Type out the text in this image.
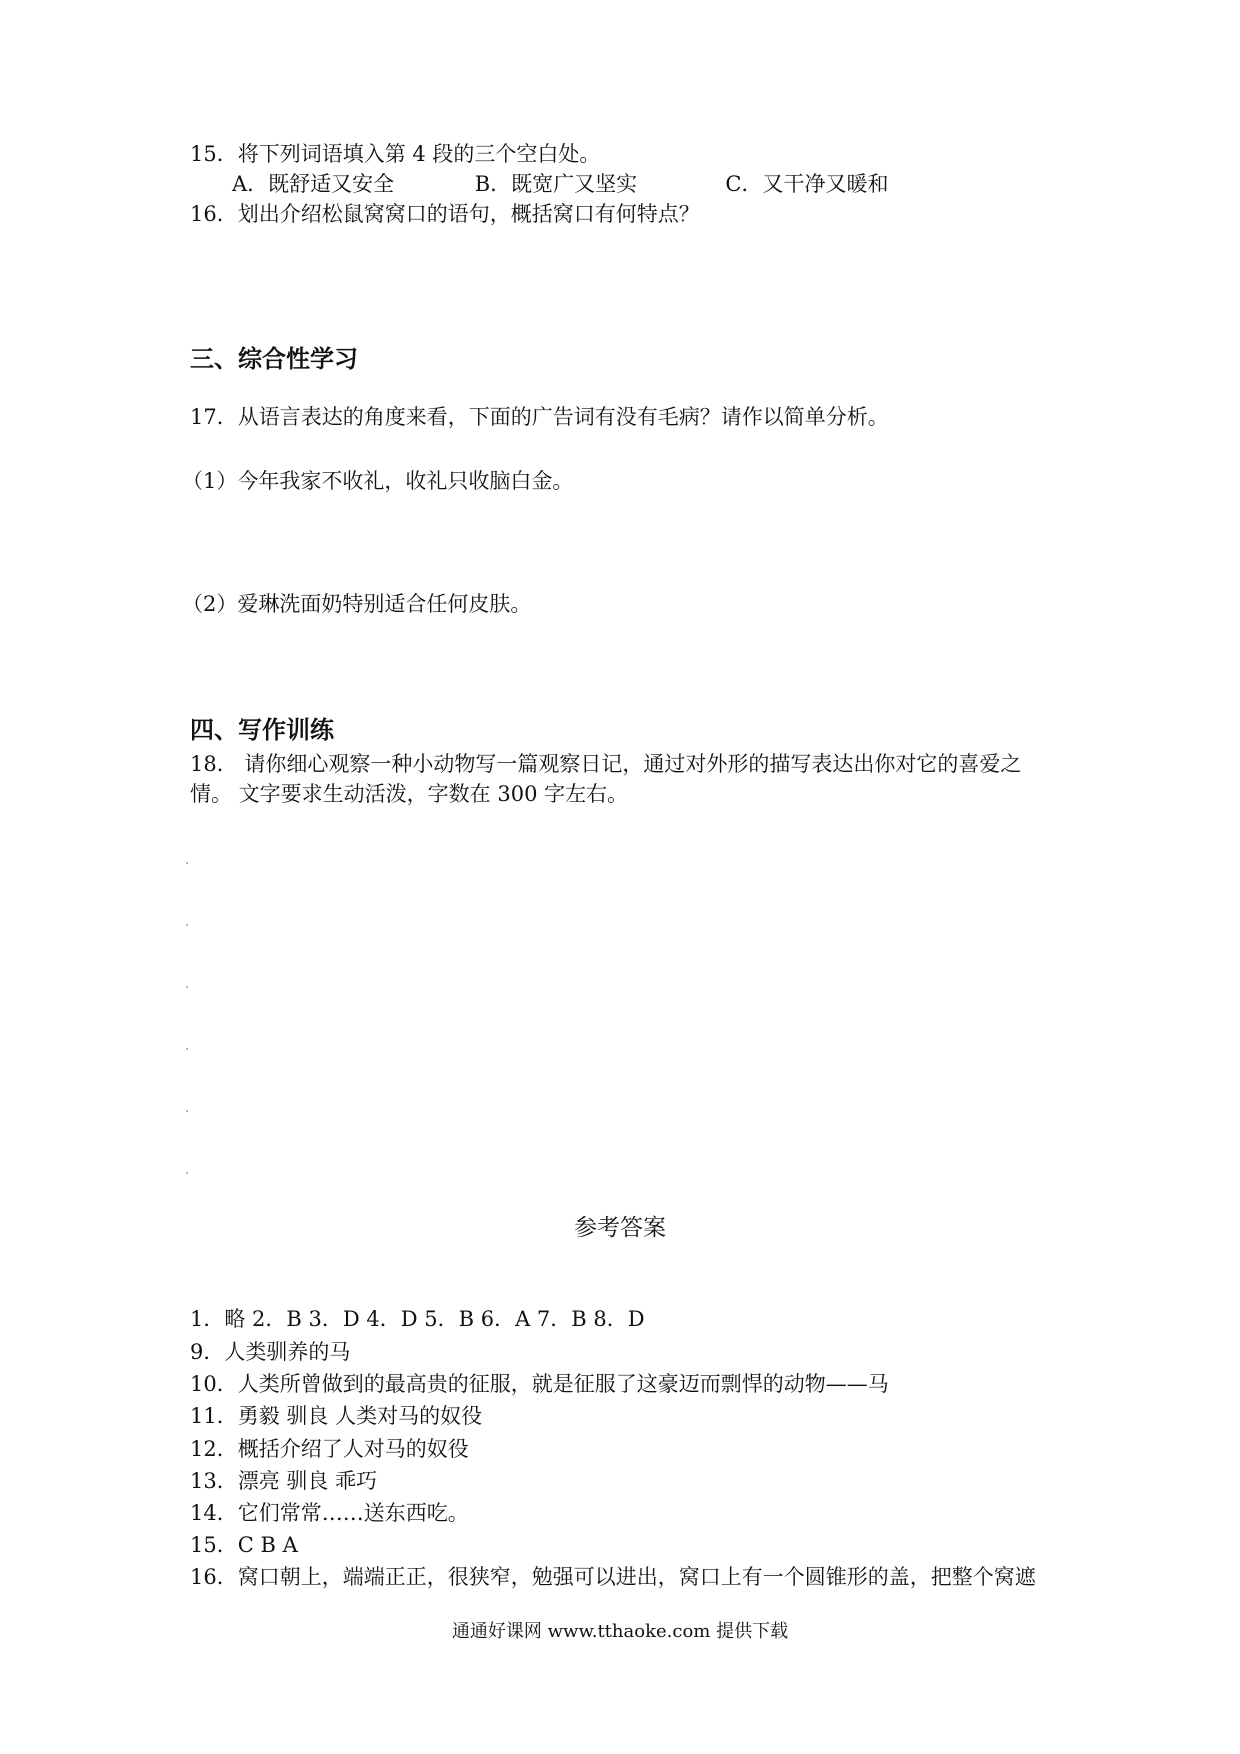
15．将下列词语填入第 4 段的三个空白处。
A．既舒适又安全	B．既宽广又坚实	C．又干净又暖和
16．划出介绍松鼠窝窝口的语句，概括窝口有何特点？
三、综合性学习
17．从语言表达的角度来看，下面的广告词有没有毛病？请作以简单分析。
（1）今年我家不收礼，收礼只收脑白金。
（2）爱琳洗面奶特别适合任何皮肤。
四、写作训练
18． 请你细心观察一种小动物写一篇观察日记，通过对外形的描写表达出你对它的喜爱之
情。 文字要求生动活泼，字数在 300 字左右。
参考答案
1．略 2．B 3．D 4．D 5．B 6．A 7．B 8．D
9．人类驯养的马
10．人类所曾做到的最高贵的征服，就是征服了这豪迈而剽悍的动物——马
11．勇毅 驯良 人类对马的奴役
12．概括介绍了人对马的奴役
13．漂亮 驯良 乖巧
14．它们常常……送东西吃。
15．C B A
16．窝口朝上，端端正正，很狭窄，勉强可以进出，窝口上有一个圆锥形的盖，把整个窝遮
通通好课网 www.tthaoke.com 提供下载
